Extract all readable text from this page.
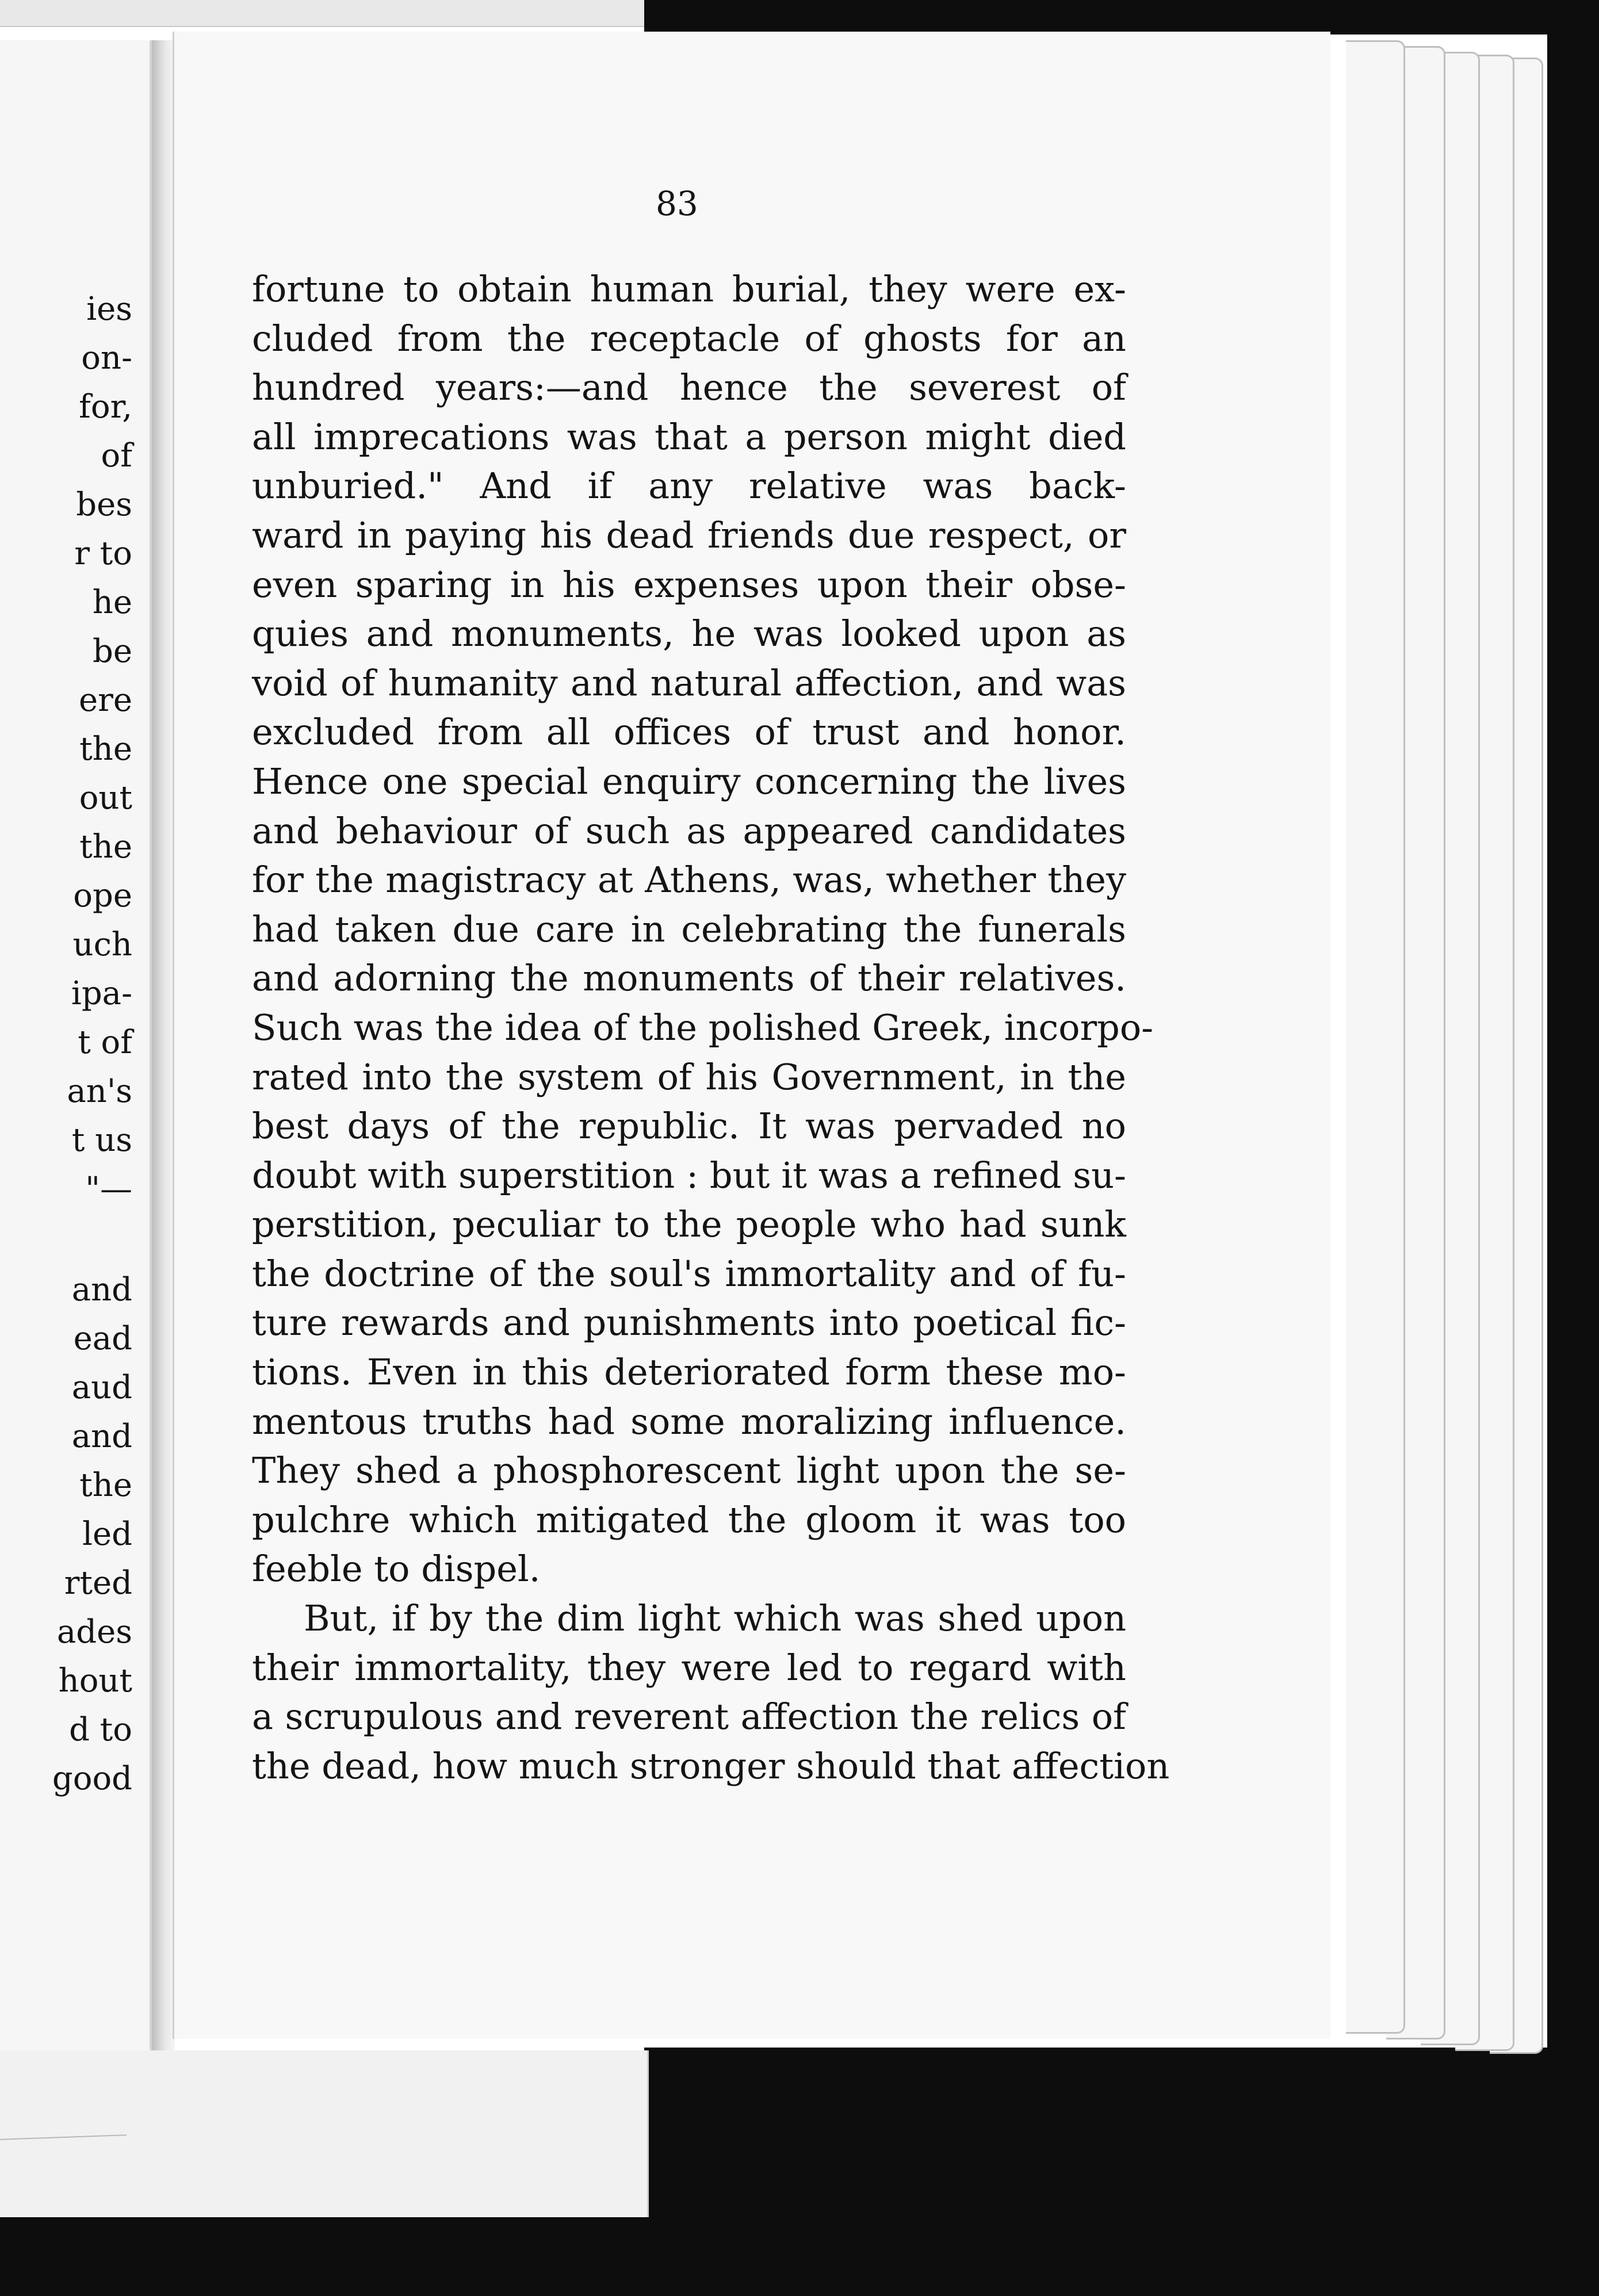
ies
on-
for,
of
bes
r to
he
be
ere
the
out
the
ope
uch
ipa-
t of
an's
t us
"—
and
ead
aud
and
the
led
rted
ades
hout
d to
good
83
fortune to obtain human burial, they were ex-
cluded from the receptacle of ghosts for an
hundred years:—and hence the severest of
all imprecations was that a person might died
unburied." And if any relative was back-
ward in paying his dead friends due respect, or
even sparing in his expenses upon their obse-
quies and monuments, he was looked upon as
void of humanity and natural affection, and was
excluded from all offices of trust and honor.
Hence one special enquiry concerning the lives
and behaviour of such as appeared candidates
for the magistracy at Athens, was, whether they
had taken due care in celebrating the funerals
and adorning the monuments of their relatives.
Such was the idea of the polished Greek, incorpo-
rated into the system of his Government, in the
best days of the republic. It was pervaded no
doubt with superstition : but it was a refined su-
perstition, peculiar to the people who had sunk
the doctrine of the soul's immortality and of fu-
ture rewards and punishments into poetical fic-
tions. Even in this deteriorated form these mo-
mentous truths had some moralizing influence.
They shed a phosphorescent light upon the se-
pulchre which mitigated the gloom it was too
feeble to dispel.
But, if by the dim light which was shed upon
their immortality, they were led to regard with
a scrupulous and reverent affection the relics of
the dead, how much stronger should that affection
